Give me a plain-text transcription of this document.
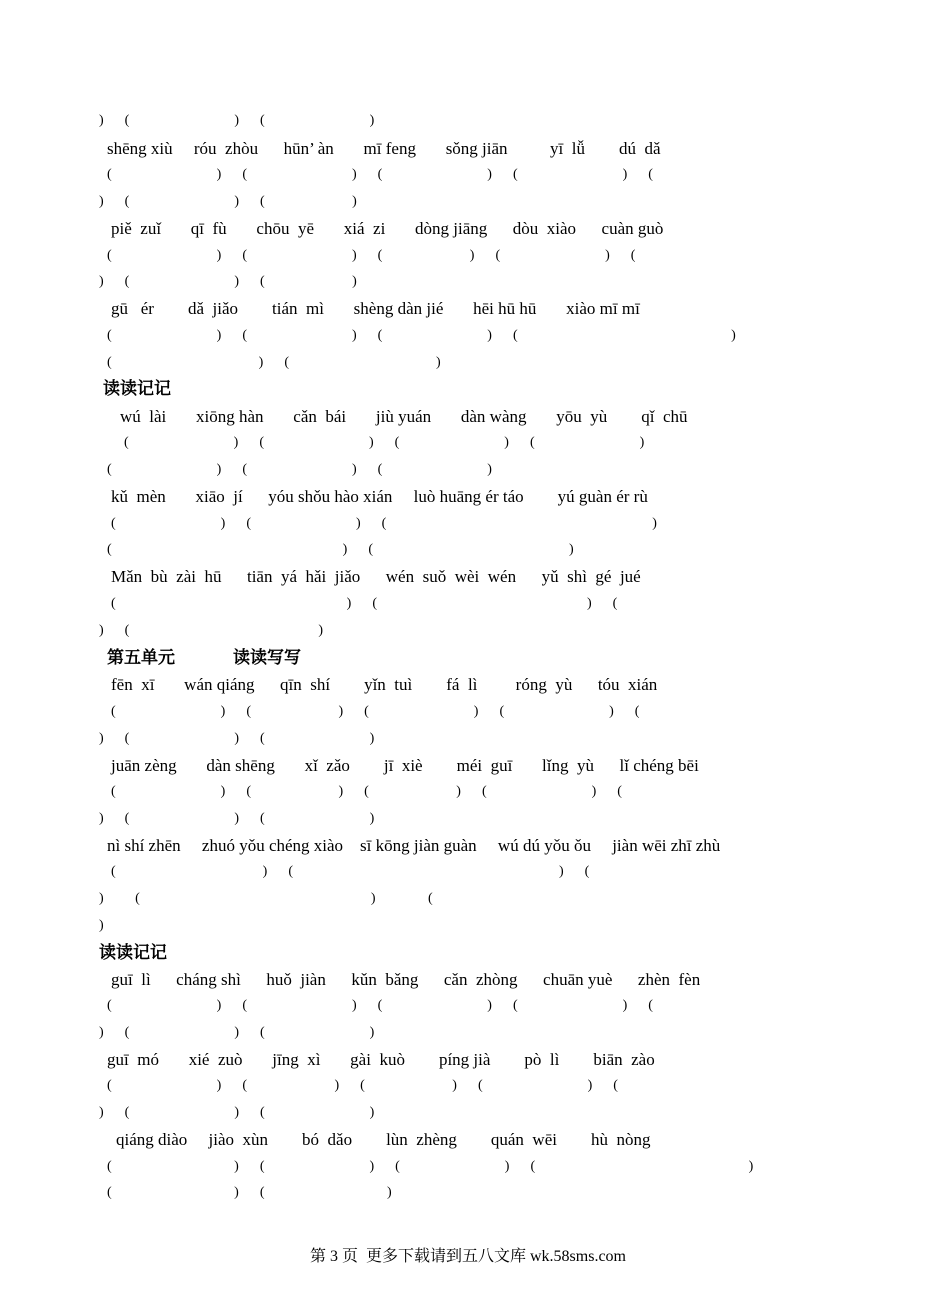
)      (                              )      (                              )
shēng xiù     róu  zhòu      hūn’ àn       mī feng       sǒng jiān          yī  lǚ        dú  dǎ
(                              )      (                              )      (                              )      (                              )      (
)      (                              )      (                         )
piě  zuǐ       qī  fù       chōu  yē       xiá  zi       dòng jiāng      dòu  xiào      cuàn guò
(                              )      (                              )      (                         )      (                              )      (
)      (                              )      (                         )
gū   ér        dǎ  jiǎo        tián  mì       shèng dàn jié       hēi hū hū       xiào mī mī
(                              )      (                              )      (                              )      (                                                             )
(                                          )      (                                          )
读读记记
wú  lài       xiōng hàn       cǎn  bái       jiù yuán       dàn wàng       yōu  yù        qǐ  chū
(                              )      (                              )      (                              )      (                              )
(                              )      (                              )      (                              )
kǔ  mèn       xiāo  jí      yóu shǒu hào xián     luò huāng ér táo        yú guàn ér rù
(                              )      (                              )      (                                                                            )
(                                                                  )      (                                                        )
Mǎn  bù  zài  hū      tiān  yá  hǎi  jiǎo      wén  suǒ  wèi  wén      yǔ  shì  gé  jué
(                                                                  )      (                                                            )      (
)      (                                                      )
第五单元	读读写写
fēn  xī       wán qiáng      qīn  shí        yǐn  tuì        fá  lì         róng  yù      tóu  xián
(                              )      (                         )      (                              )      (                              )      (
)      (                              )      (                              )
juān zèng       dàn shēng       xǐ  zǎo        jī  xiè        méi  guī       lǐng  yù      lǐ chéng bēi
(                              )      (                         )      (                         )      (                              )      (
)      (                              )      (                              )
nì shí zhēn     zhuó yǒu chéng xiào    sī kōng jiàn guàn     wú dú yǒu ǒu     jiàn wēi zhī zhù
(                                          )      (                                                                            )      (
)         (                                                                  )               (
)
读读记记
guī  lì      cháng shì      huǒ  jiàn      kǔn  bǎng      cǎn  zhòng      chuān yuè      zhèn  fèn
(                              )      (                              )      (                              )      (                              )      (
)      (                              )      (                              )
guī  mó       xié  zuò       jīng  xì       gài  kuò        píng jià        pò  lì        biān  zào
(                              )      (                         )      (                         )      (                              )      (
)      (                              )      (                              )
qiáng diào     jiào  xùn        bó  dǎo        lùn  zhèng        quán  wēi        hù  nòng
(                                   )      (                              )      (                              )      (                                                             )
(                                   )      (                                   )
第 3 页  更多下载请到五八文库 wk.58sms.com
